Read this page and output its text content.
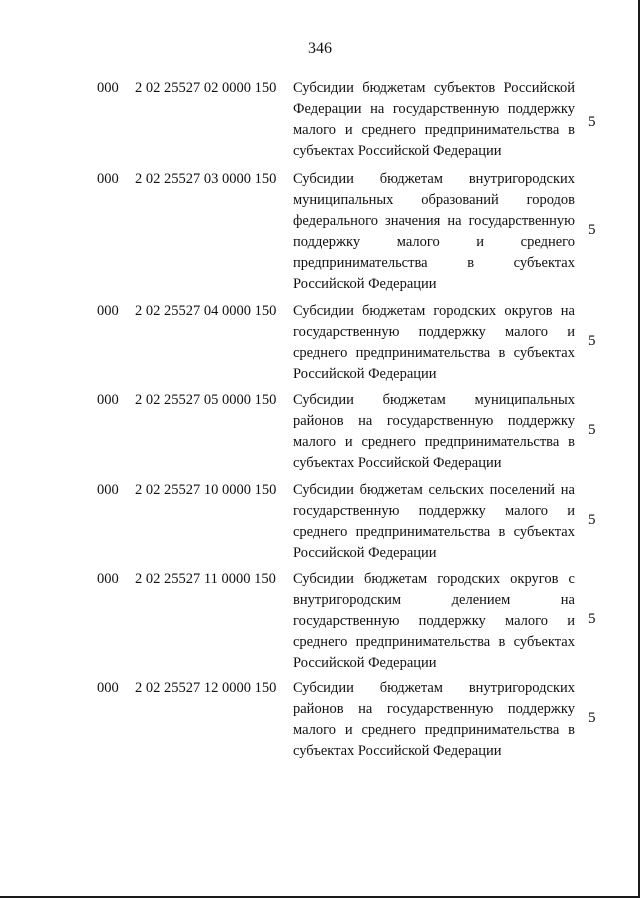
346
000 2 02 25527 02 0000 150 Субсидии бюджетам субъектов Российской
Федерации на государственную поддержку
малого и среднего предпринимательства в
субъектах Российской Федерации
5
000 2 02 25527 03 0000 150 Субсидии бюджетам внутригородских
муниципальных образований городов
федерального значения на государственную
поддержку малого и среднего
предпринимательства в субъектах
Российской Федерации
5
000 2 02 25527 04 0000 150 Субсидии бюджетам городских округов на
государственную поддержку малого и
среднего предпринимательства в субъектах
Российской Федерации
5
000 2 02 25527 05 0000 150 Субсидии бюджетам муниципальных
районов на государственную поддержку
малого и среднего предпринимательства в
субъектах Российской Федерации
5
000 2 02 25527 10 0000 150 Субсидии бюджетам сельских поселений на
государственную поддержку малого и
среднего предпринимательства в субъектах
Российской Федерации
5
000 2 02 25527 11 0000 150 Субсидии бюджетам городских округов с
внутригородским делением на
государственную поддержку малого и
среднего предпринимательства в субъектах
Российской Федерации
5
000 2 02 25527 12 0000 150 Субсидии бюджетам внутригородских
районов на государственную поддержку
малого и среднего предпринимательства в
субъектах Российской Федерации
5
